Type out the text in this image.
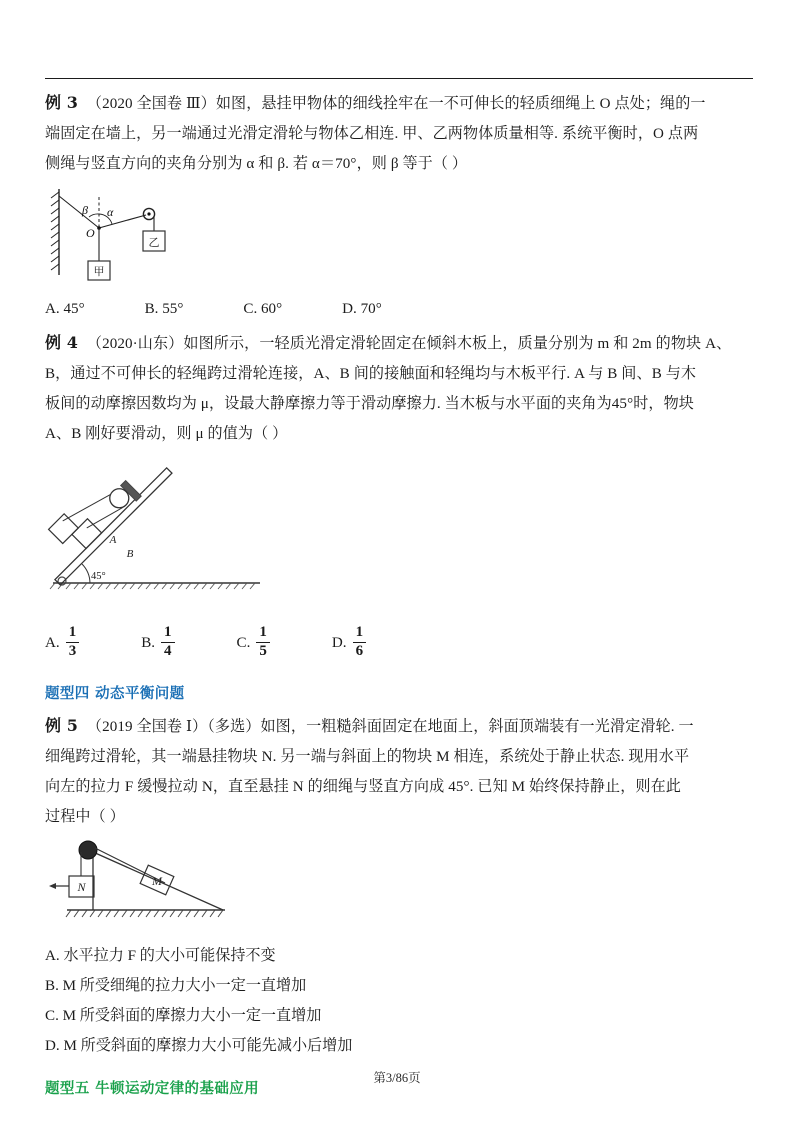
例 3 （2020 全国卷 Ⅲ）如图，悬挂甲物体的细线拴牢在一不可伸长的轻质细绳上 O 点处；绳的一
端固定在墙上，另一端通过光滑定滑轮与物体乙相连. 甲、乙两物体质量相等. 系统平衡时，O 点两
侧绳与竖直方向的夹角分别为 α 和 β. 若 α＝70°，则 β 等于（ ）
甲
乙
β α
O
A. 45°	B. 55°	C. 60°	D. 70°
例 4 （2020·山东）如图所示，一轻质光滑定滑轮固定在倾斜木板上，质量分别为 m 和 2m 的物块 A、
B，通过不可伸长的轻绳跨过滑轮连接，A、B 间的接触面和轻绳均与木板平行. A 与 B 间、B 与木
板间的动摩擦因数均为 μ，设最大静摩擦力等于滑动摩擦力. 当木板与水平面的夹角为45°时，物块
A、B 刚好要滑动，则 μ 的值为（ ）
45°
A
B
A. $\frac{1}{3}$	B. $\frac{1}{4}$	C. $\frac{1}{5}$	D. $\frac{1}{6}$
题型四 动态平衡问题
例 5 （2019 全国卷 Ⅰ）（多选）如图，一粗糙斜面固定在地面上，斜面顶端装有一光滑定滑轮. 一
细绳跨过滑轮，其一端悬挂物块 N. 另一端与斜面上的物块 M 相连，系统处于静止状态. 现用水平
向左的拉力 F 缓慢拉动 N，直至悬挂 N 的细绳与竖直方向成 45°. 已知 M 始终保持静止，则在此
过程中（ ）
M
N
A. 水平拉力 F 的大小可能保持不变
B. M 所受细绳的拉力大小一定一直增加
C. M 所受斜面的摩擦力大小一定一直增加
D. M 所受斜面的摩擦力大小可能先减小后增加
题型五 牛顿运动定律的基础应用
第3/86页
